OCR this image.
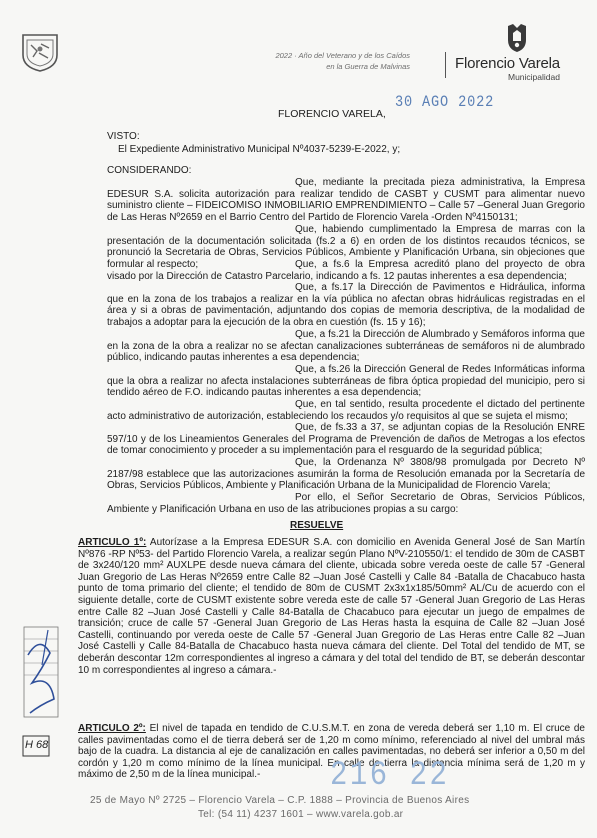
2022 · Año del Veterano y de los Caídos
en la Guerra de Malvinas	Florencio Varela
Municipalidad
30 AGO 2022
FLORENCIO VARELA,
VISTO:
El Expediente Administrativo Municipal Nº4037-5239-E-2022, y;
CONSIDERANDO:
Que, mediante la precitada pieza administrativa, la Empresa EDESUR S.A. solicita autorización para realizar tendido de CASBT y CUSMT para alimentar nuevo suministro cliente – FIDEICOMISO INMOBILIARIO EMPRENDIMIENTO – Calle 57 –General Juan Gregorio de Las Heras Nº2659 en el Barrio Centro del Partido de Florencio Varela -Orden Nº4150131;
Que, habiendo cumplimentado la Empresa de marras con la presentación de la documentación solicitada (fs.2 a 6) en orden de los distintos recaudos técnicos, se pronunció la Secretaria de Obras, Servicios Públicos, Ambiente y Planificación Urbana, sin objeciones que formular al respecto;	Que, a fs.6 la Empresa acreditó plano del proyecto de obra visado por la Dirección de Catastro Parcelario, indicando a fs. 12 pautas inherentes a esa dependencia;
Que, a fs.17 la Dirección de Pavimentos e Hidráulica, informa que en la zona de los trabajos a realizar en la vía pública no afectan obras hidráulicas registradas en el área y si a obras de pavimentación, adjuntando dos copias de memoria descriptiva, de la modalidad de trabajos a adoptar para la ejecución de la obra en cuestión (fs. 15 y 16);
Que, a fs.21 la Dirección de Alumbrado y Semáforos informa que en la zona de la obra a realizar no se afectan canalizaciones subterráneas de semáforos ni de alumbrado público, indicando pautas inherentes a esa dependencia;
Que, a fs.26 la Dirección General de Redes Informáticas informa que la obra a realizar no afecta instalaciones subterráneas de fibra óptica propiedad del municipio, pero si tendido aéreo de F.O. indicando pautas inherentes a esa dependencia;
Que, en tal sentido, resulta procedente el dictado del pertinente acto administrativo de autorización, estableciendo los recaudos y/o requisitos al que se sujeta el mismo;
Que, de fs.33 a 37, se adjuntan copias de la Resolución ENRE 597/10 y de los Lineamientos Generales del Programa de Prevención de daños de Metrogas a los efectos de tomar conocimiento y proceder a su implementación para el resguardo de la seguridad pública;
Que, la Ordenanza Nº 3808/98 promulgada por Decreto Nº 2187/98 establece que las autorizaciones asumirán la forma de Resolución emanada por la Secretaría de Obras, Servicios Públicos, Ambiente y Planificación Urbana de la Municipalidad de Florencio Varela;
Por ello, el Señor Secretario de Obras, Servicios Públicos, Ambiente y Planificación Urbana en uso de las atribuciones propias a su cargo:
RESUELVE
ARTICULO 1º: Autorízase a la Empresa EDESUR S.A. con domicilio en Avenida General José de San Martín Nº876 -RP Nº53- del Partido Florencio Varela, a realizar según Plano NºV-210550/1: el tendido de 30m de CASBT de 3x240/120 mm² AUXLPE desde nueva cámara del cliente, ubicada sobre vereda oeste de calle 57 -General Juan Gregorio de Las Heras Nº2659 entre Calle 82 –Juan José Castelli y Calle 84 -Batalla de Chacabuco hasta punto de toma primario del cliente; el tendido de 80m de CUSMT 2x3x1x185/50mm² AL/Cu de acuerdo con el siguiente detalle, corte de CUSMT existente sobre vereda este de calle 57 -General Juan Gregorio de Las Heras entre Calle 82 –Juan José Castelli y Calle 84-Batalla de Chacabuco para ejecutar un juego de empalmes de transición; cruce de calle 57 -General Juan Gregorio de Las Heras hasta la esquina de Calle 82 –Juan José Castelli, continuando por vereda oeste de Calle 57 -General Juan Gregorio de Las Heras entre Calle 82 –Juan José Castelli y Calle 84-Batalla de Chacabuco hasta nueva cámara del cliente. Del Total del tendido de MT, se deberán descontar 12m correspondientes al ingreso a cámara y del total del tendido de BT, se deberán descontar 10 m correspondientes al ingreso a cámara.-
ARTICULO 2º: El nivel de tapada en tendido de C.U.S.M.T. en zona de vereda deberá ser 1,10 m. El cruce de calles pavimentadas como el de tierra deberá ser de 1,20 m como mínimo, referenciado al nivel del umbral más bajo de la cuadra. La distancia al eje de canalización en calles pavimentadas, no deberá ser inferior a 0,50 m del cordón y 1,20 m como mínimo de la línea municipal. En calle de tierra la distancia mínima será de 1,20 m y máximo de 2,50 m de la línea municipal.-
H 68
216 22
25 de Mayo Nº 2725 – Florencio Varela – C.P. 1888 – Provincia de Buenos Aires
Tel: (54 11) 4237 1601 – www.varela.gob.ar
